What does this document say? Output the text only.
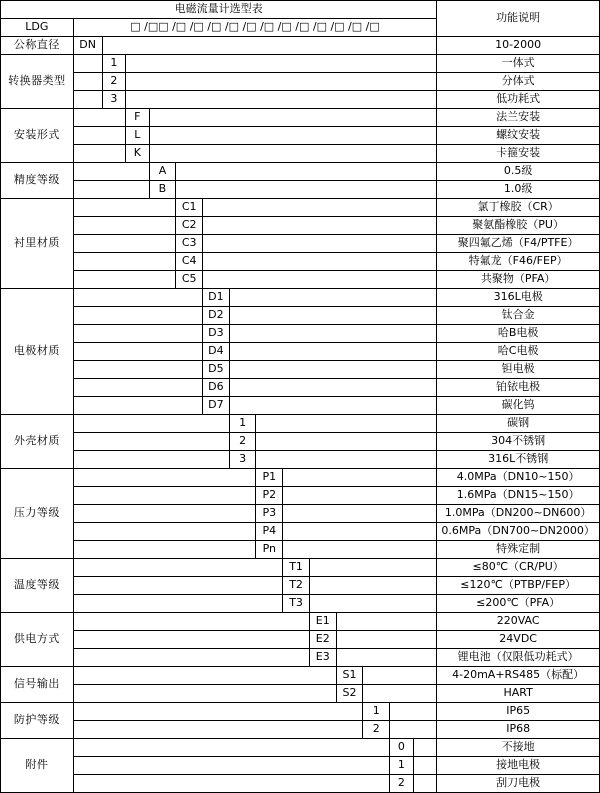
电磁流量计选型表															功能说明
LDG	□ /□□ /□ /□ /□ /□ /□ /□ /□ /□ /□ /□ /□ /□														
公称直径	DN														10-2000
转换器类型		1													一体式
		2													分体式
		3													低功耗式
安装形式			F												法兰安装
			L												螺纹安装
			K												卡箍安装
精度等级				A											0.5级
				B											1.0级
衬里材质					C1										氯丁橡胶（CR）
					C2										聚氨酯橡胶（PU）
					C3										聚四氟乙烯（F4/PTFE）
					C4										特氟龙（F46/FEP）
					C5										共聚物（PFA）
电极材质						D1									316L电极
						D2									钛合金
						D3									哈B电极
						D4									哈C电极
						D5									钽电极
						D6									铂铱电极
						D7									碳化钨
外壳材质							1								碳钢
							2								304不锈钢
							3								316L不锈钢
压力等级								P1							4.0MPa（DN10~150）
								P2							1.6MPa（DN15~150）
								P3							1.0MPa（DN200~DN600）
								P4							0.6MPa（DN700~DN2000）
								Pn							特殊定制
温度等级									T1						≤80℃（CR/PU）
									T2						≤120℃（PTBP/FEP）
									T3						≤200℃（PFA）
供电方式										E1					220VAC
										E2					24VDC
										E3					锂电池（仅限低功耗式）
信号输出											S1				4-20mA+RS485（标配）
											S2				HART
防护等级												1			IP65
												2			IP68
附件													0		不接地
													1		接地电极
													2		刮刀电极
